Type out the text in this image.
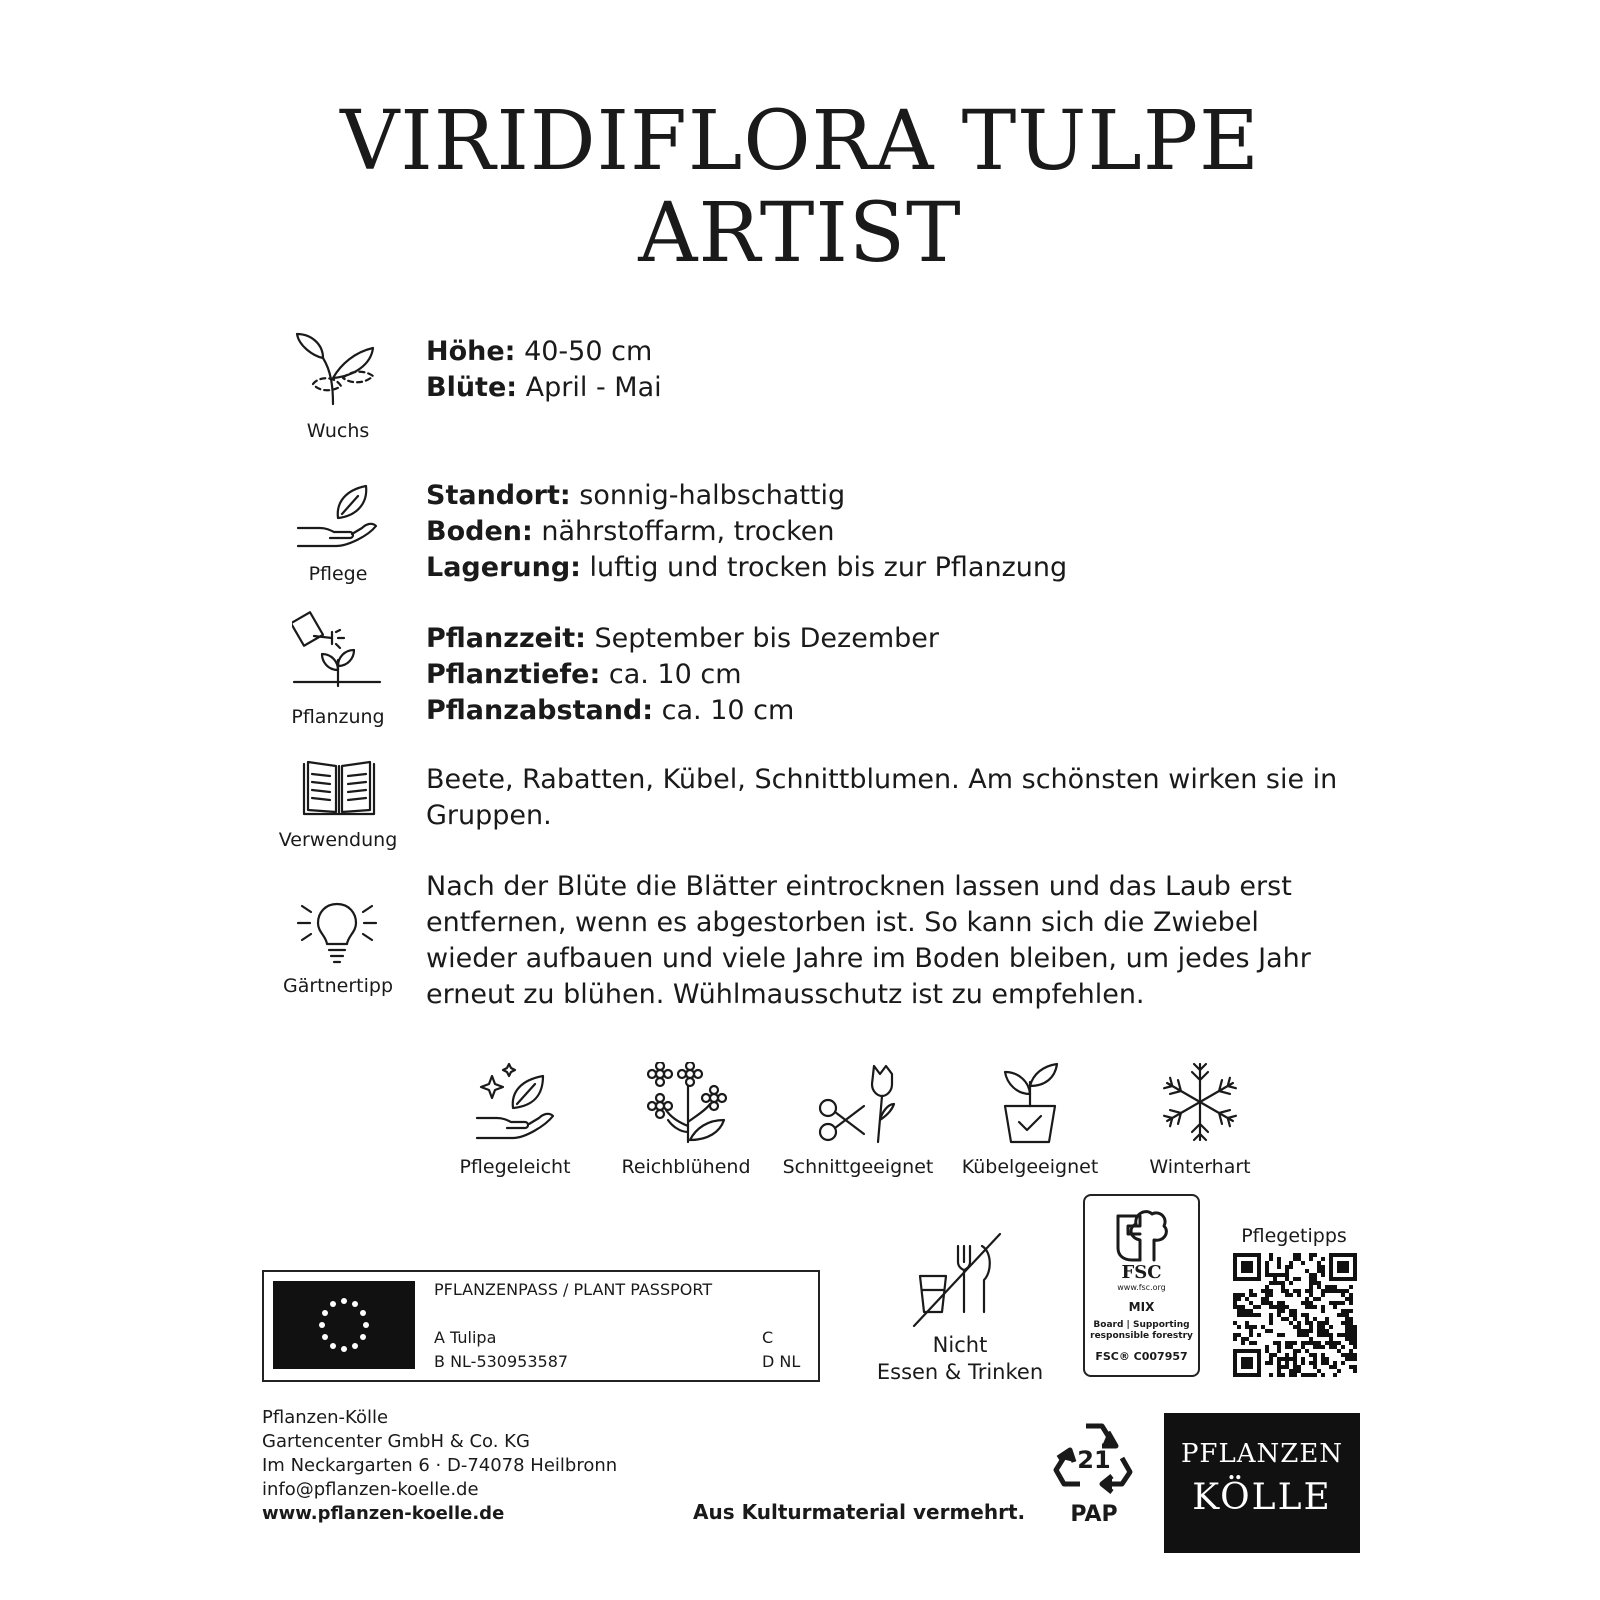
VIRIDIFLORA TULPE
ARTIST
Wuchs
Höhe: 40-50 cm
Blüte: April - Mai
Pflege
Standort: sonnig-halbschattig
Boden: nährstoffarm, trocken
Lagerung: luftig und trocken bis zur Pflanzung
Pflanzung
Pflanzzeit: September bis Dezember
Pflanztiefe: ca. 10 cm
Pflanzabstand: ca. 10 cm
Verwendung
Beete, Rabatten, Kübel, Schnittblumen. Am schönsten wirken sie in
Gruppen.
Gärtnertipp
Nach der Blüte die Blätter eintrocknen lassen und das Laub erst
entfernen, wenn es abgestorben ist. So kann sich die Zwiebel
wieder aufbauen und viele Jahre im Boden bleiben, um jedes Jahr
erneut zu blühen. Wühlmausschutz ist zu empfehlen.
Pflegeleicht	Reichblühend	Schnittgeeignet	Kübelgeeignet	Winterhart
PFLANZENPASS / PLANT PASSPORT
A Tulipa
B NL-530953587
C
D NL
Nicht
Essen & Trinken
FSC
www.fsc.org
MIX
Board | Supporting
responsible forestry
FSC® C007957
Pflegetipps
Pflanzen-Kölle
Gartencenter GmbH & Co. KG
Im Neckargarten 6 · D-74078 Heilbronn
info@pflanzen-koelle.de
www.pflanzen-koelle.de	Aus Kulturmaterial vermehrt.
21
PAP
PFLANZEN
KÖLLE
